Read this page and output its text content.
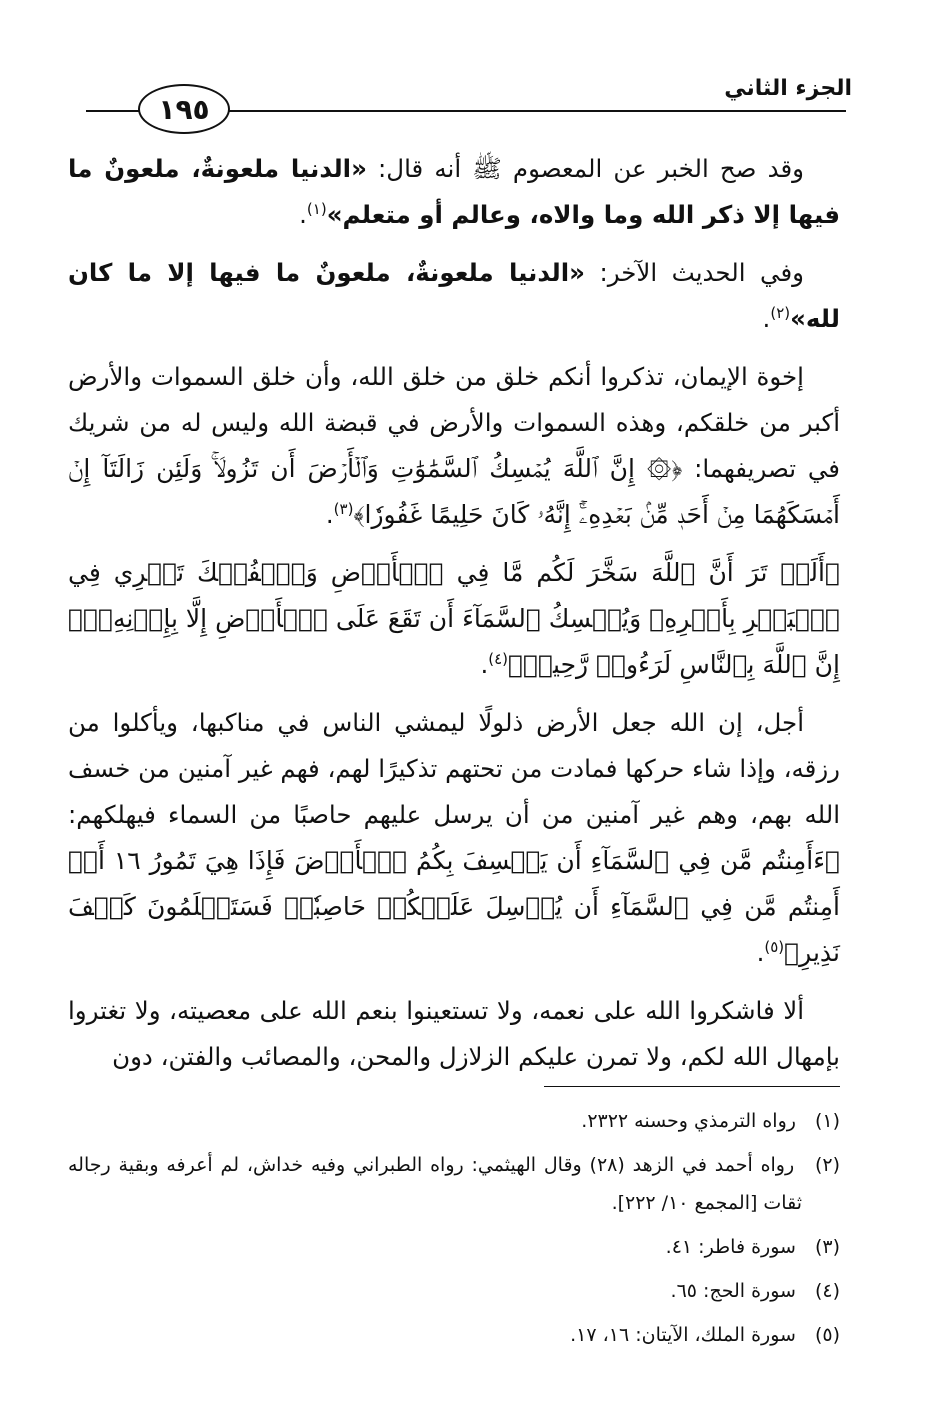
الجزء الثاني
١٩٥

وقد صح الخبر عن المعصوم ﷺ أنه قال: «الدنيا ملعونةٌ، ملعونٌ ما فيها إلا ذكر الله وما والاه، وعالم أو متعلم»$^{(١)}$.

وفي الحديث الآخر: «الدنيا ملعونةٌ، ملعونٌ ما فيها إلا ما كان لله»$^{(٢)}$.

إخوة الإيمان، تذكروا أنكم خلق من خلق الله، وأن خلق السموات والأرض أكبر من خلقكم، وهذه السموات والأرض في قبضة الله وليس له من شريك في تصريفهما: ﴿۞ إِنَّ ٱللَّهَ يُمۡسِكُ ٱلسَّمَٰوَٰتِ وَٱلۡأَرۡضَ أَن تَزُولَاۚ وَلَئِن زَالَتَآ إِنۡ أَمۡسَكَهُمَا مِنۡ أَحَدٖ مِّنۢ بَعۡدِهِۦٓۚ إِنَّهُۥ كَانَ حَلِيمًا غَفُورٗا﴾$^{(٣)}$.

﴿أَلَمۡ تَرَ أَنَّ ٱللَّهَ سَخَّرَ لَكُم مَّا فِي ٱلۡأَرۡضِ وَٱلۡفُلۡكَ تَجۡرِي فِي ٱلۡبَحۡرِ بِأَمۡرِهِۦ وَيُمۡسِكُ ٱلسَّمَآءَ أَن تَقَعَ عَلَى ٱلۡأَرۡضِ إِلَّا بِإِذۡنِهِۦٓۚ إِنَّ ٱللَّهَ بِٱلنَّاسِ لَرَءُوفٞ رَّحِيمٞ﴾$^{(٤)}$.

أجل، إن الله جعل الأرض ذلولًا ليمشي الناس في مناكبها، ويأكلوا من رزقه، وإذا شاء حركها فمادت من تحتهم تذكيرًا لهم، فهم غير آمنين من خسف الله بهم، وهم غير آمنين من أن يرسل عليهم حاصبًا من السماء فيهلكهم: ﴿ءَأَمِنتُم مَّن فِي ٱلسَّمَآءِ أَن يَخۡسِفَ بِكُمُ ٱلۡأَرۡضَ فَإِذَا هِيَ تَمُورُ ١٦ أَمۡ أَمِنتُم مَّن فِي ٱلسَّمَآءِ أَن يُرۡسِلَ عَلَيۡكُمۡ حَاصِبٗاۖ فَسَتَعۡلَمُونَ كَيۡفَ نَذِيرِ﴾$^{(٥)}$.

ألا فاشكروا الله على نعمه، ولا تستعينوا بنعم الله على معصيته، ولا تغتروا بإمهال الله لكم، ولا تمرن عليكم الزلازل والمحن، والمصائب والفتن، دون

(١) رواه الترمذي وحسنه ٢٣٢٢.

(٢) رواه أحمد في الزهد (٢٨) وقال الهيثمي: رواه الطبراني وفيه خداش، لم أعرفه وبقية رجاله ثقات [المجمع ١٠/ ٢٢٢].

(٣) سورة فاطر: ٤١.

(٤) سورة الحج: ٦٥.

(٥) سورة الملك، الآيتان: ١٦، ١٧.
